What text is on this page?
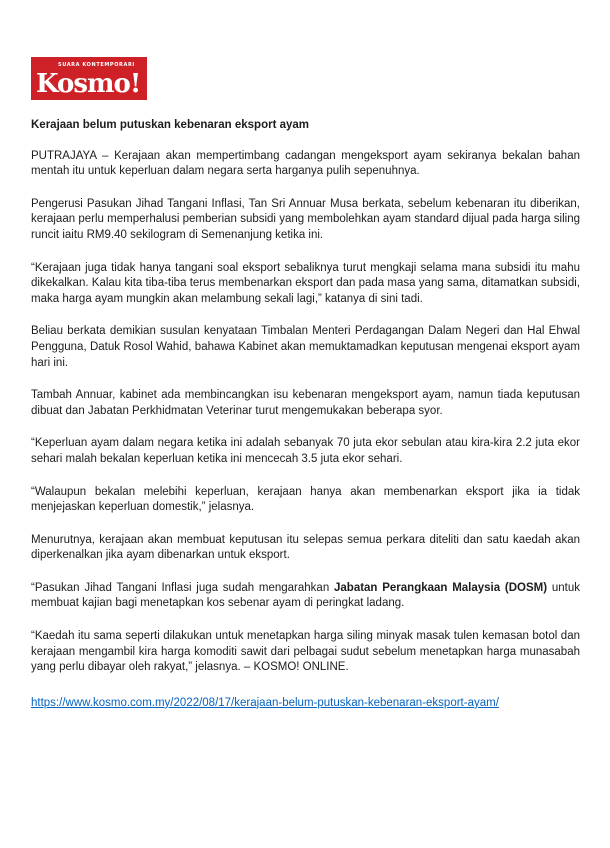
SUARA KONTEMPORARI
Kosmo!
Kerajaan belum putuskan kebenaran eksport ayam

PUTRAJAYA – Kerajaan akan mempertimbang cadangan mengeksport ayam sekiranya bekalan bahan mentah itu untuk keperluan dalam negara serta harganya pulih sepenuhnya.

Pengerusi Pasukan Jihad Tangani Inflasi, Tan Sri Annuar Musa berkata, sebelum kebenaran itu diberikan, kerajaan perlu memperhalusi pemberian subsidi yang membolehkan ayam standard dijual pada harga siling runcit iaitu RM9.40 sekilogram di Semenanjung ketika ini.

“Kerajaan juga tidak hanya tangani soal eksport sebaliknya turut mengkaji selama mana subsidi itu mahu dikekalkan. Kalau kita tiba-tiba terus membenarkan eksport dan pada masa yang sama, ditamatkan subsidi, maka harga ayam mungkin akan melambung sekali lagi,” katanya di sini tadi.

Beliau berkata demikian susulan kenyataan Timbalan Menteri Perdagangan Dalam Negeri dan Hal Ehwal Pengguna, Datuk Rosol Wahid, bahawa Kabinet akan memuktamadkan keputusan mengenai eksport ayam hari ini.

Tambah Annuar, kabinet ada membincangkan isu kebenaran mengeksport ayam, namun tiada keputusan dibuat dan Jabatan Perkhidmatan Veterinar turut mengemukakan beberapa syor.

“Keperluan ayam dalam negara ketika ini adalah sebanyak 70 juta ekor sebulan atau kira-kira 2.2 juta ekor sehari malah bekalan keperluan ketika ini mencecah 3.5 juta ekor sehari.

“Walaupun bekalan melebihi keperluan, kerajaan hanya akan membenarkan eksport jika ia tidak menjejaskan keperluan domestik,” jelasnya.

Menurutnya, kerajaan akan membuat keputusan itu selepas semua perkara diteliti dan satu kaedah akan diperkenalkan jika ayam dibenarkan untuk eksport.

“Pasukan Jihad Tangani Inflasi juga sudah mengarahkan Jabatan Perangkaan Malaysia (DOSM) untuk membuat kajian bagi menetapkan kos sebenar ayam di peringkat ladang.

“Kaedah itu sama seperti dilakukan untuk menetapkan harga siling minyak masak tulen kemasan botol dan kerajaan mengambil kira harga komoditi sawit dari pelbagai sudut sebelum menetapkan harga munasabah yang perlu dibayar oleh rakyat,” jelasnya. – KOSMO! ONLINE.

https://www.kosmo.com.my/2022/08/17/kerajaan-belum-putuskan-kebenaran-eksport-ayam/
